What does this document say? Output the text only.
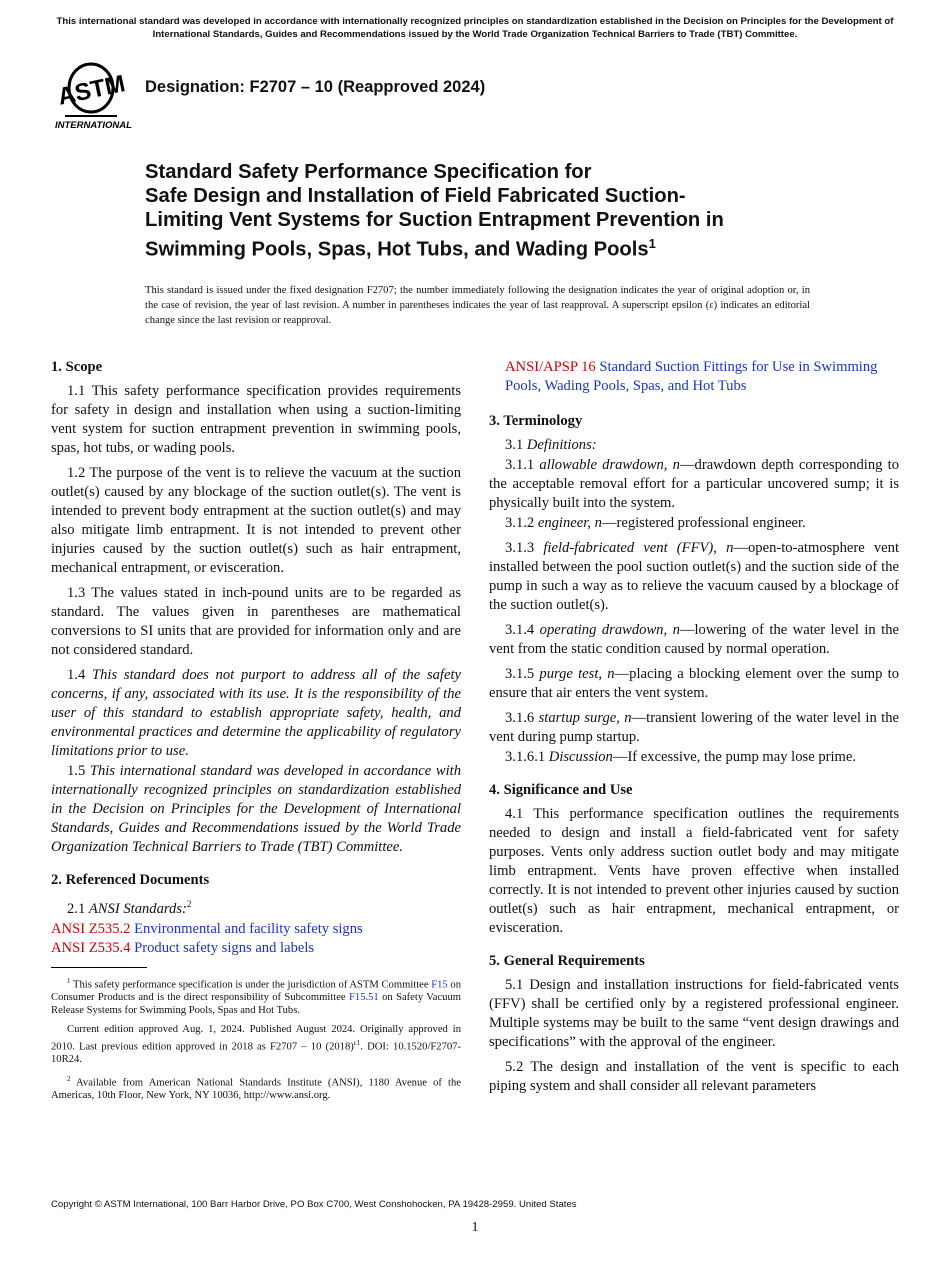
This international standard was developed in accordance with internationally recognized principles on standardization established in the Decision on Principles for the Development of International Standards, Guides and Recommendations issued by the World Trade Organization Technical Barriers to Trade (TBT) Committee.
ASTM
INTERNATIONAL
Designation: F2707 – 10 (Reapproved 2024)
Standard Safety Performance Specification for
Safe Design and Installation of Field Fabricated Suction-
Limiting Vent Systems for Suction Entrapment Prevention in
Swimming Pools, Spas, Hot Tubs, and Wading Pools$^1$
This standard is issued under the fixed designation F2707; the number immediately following the designation indicates the year of original adoption or, in the case of revision, the year of last revision. A number in parentheses indicates the year of last reapproval. A superscript epsilon (ε) indicates an editorial change since the last revision or reapproval.
1. Scope

1.1 This safety performance specification provides requirements for safety in design and installation when using a suction-limiting vent system for suction entrapment prevention in swimming pools, spas, hot tubs, or wading pools.

1.2 The purpose of the vent is to relieve the vacuum at the suction outlet(s) caused by any blockage of the suction outlet(s). The vent is intended to prevent body entrapment at the suction outlet(s) and may also mitigate limb entrapment. It is not intended to prevent other injuries caused by the suction outlet(s) such as hair entrapment, mechanical entrapment, or evisceration.

1.3 The values stated in inch-pound units are to be regarded as standard. The values given in parentheses are mathematical conversions to SI units that are provided for information only and are not considered standard.

1.4 This standard does not purport to address all of the safety concerns, if any, associated with its use. It is the responsibility of the user of this standard to establish appropriate safety, health, and environmental practices and determine the applicability of regulatory limitations prior to use.

1.5 This international standard was developed in accordance with internationally recognized principles on standardization established in the Decision on Principles for the Development of International Standards, Guides and Recommendations issued by the World Trade Organization Technical Barriers to Trade (TBT) Committee.

2. Referenced Documents

2.1 ANSI Standards:$^2$

ANSI Z535.2 Environmental and facility safety signs
ANSI Z535.4 Product safety signs and labels

$^1$ This safety performance specification is under the jurisdiction of ASTM Committee F15 on Consumer Products and is the direct responsibility of Subcommittee F15.51 on Safety Vacuum Release Systems for Swimming Pools, Spas and Hot Tubs.

Current edition approved Aug. 1, 2024. Published August 2024. Originally approved in 2010. Last previous edition approved in 2018 as F2707 – 10 $(2018)^{\varepsilon 1}$. DOI: 10.1520/F2707-10R24.

$^2$ Available from American National Standards Institute (ANSI), 1180 Avenue of the Americas, 10th Floor, New York, NY 10036, http://www.ansi.org.

ANSI/APSP 16 Standard Suction Fittings for Use in Swimming Pools, Wading Pools, Spas, and Hot Tubs
3. Terminology

3.1 Definitions:

3.1.1 allowable drawdown, n—drawdown depth corresponding to the acceptable removal effort for a particular uncovered sump; it is physically built into the system.

3.1.2 engineer, n—registered professional engineer.

3.1.3 field-fabricated vent (FFV), n—open-to-atmosphere vent installed between the pool suction outlet(s) and the suction side of the pump in such a way as to relieve the vacuum caused by a blockage of the suction outlet(s).

3.1.4 operating drawdown, n—lowering of the water level in the vent from the static condition caused by normal operation.

3.1.5 purge test, n—placing a blocking element over the sump to ensure that air enters the vent system.

3.1.6 startup surge, n—transient lowering of the water level in the vent during pump startup.

3.1.6.1 Discussion—If excessive, the pump may lose prime.

4. Significance and Use

4.1 This performance specification outlines the requirements needed to design and install a field-fabricated vent for safety purposes. Vents only address suction outlet body and may mitigate limb entrapment. Vents have proven effective when installed correctly. It is not intended to prevent other injuries caused by suction outlet(s) such as hair entrapment, mechanical entrapment, or evisceration.

5. General Requirements

5.1 Design and installation instructions for field-fabricated vents (FFV) shall be certified only by a registered professional engineer. Multiple systems may be built to the same “vent design drawings and specifications” with the approval of the engineer.

5.2 The design and installation of the vent is specific to each piping system and shall consider all relevant parameters

Copyright © ASTM International, 100 Barr Harbor Drive, PO Box C700, West Conshohocken, PA 19428-2959. United States
1
